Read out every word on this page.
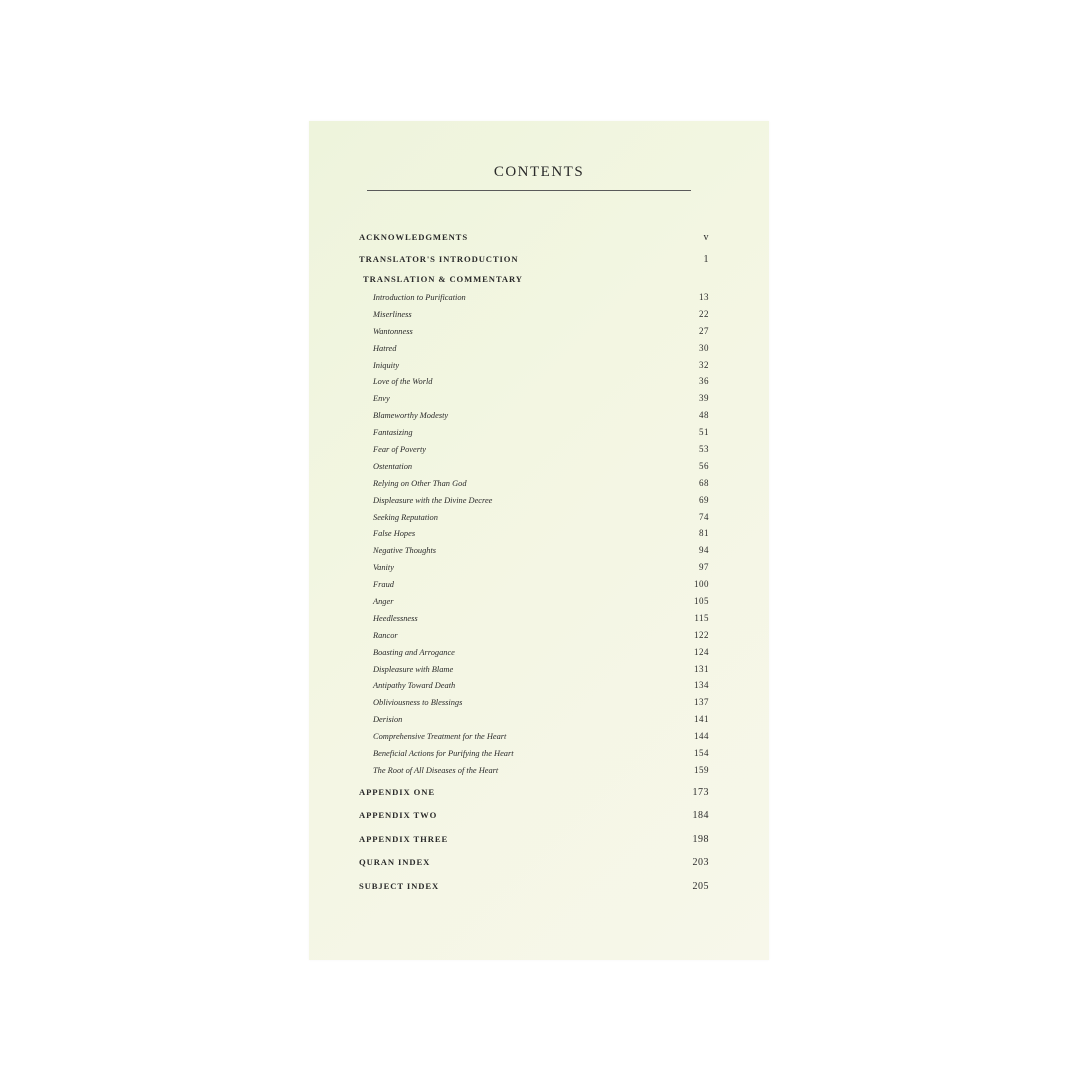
CONTENTS
ACKNOWLEDGMENTS	v
TRANSLATOR'S INTRODUCTION	1
TRANSLATION & COMMENTARY
Introduction to Purification	13
Miserliness	22
Wantonness	27
Hatred	30
Iniquity	32
Love of the World	36
Envy	39
Blameworthy Modesty	48
Fantasizing	51
Fear of Poverty	53
Ostentation	56
Relying on Other Than God	68
Displeasure with the Divine Decree	69
Seeking Reputation	74
False Hopes	81
Negative Thoughts	94
Vanity	97
Fraud	100
Anger	105
Heedlessness	115
Rancor	122
Boasting and Arrogance	124
Displeasure with Blame	131
Antipathy Toward Death	134
Obliviousness to Blessings	137
Derision	141
Comprehensive Treatment for the Heart	144
Beneficial Actions for Purifying the Heart	154
The Root of All Diseases of the Heart	159
APPENDIX ONE	173
APPENDIX TWO	184
APPENDIX THREE	198
QURAN INDEX	203
SUBJECT INDEX	205
